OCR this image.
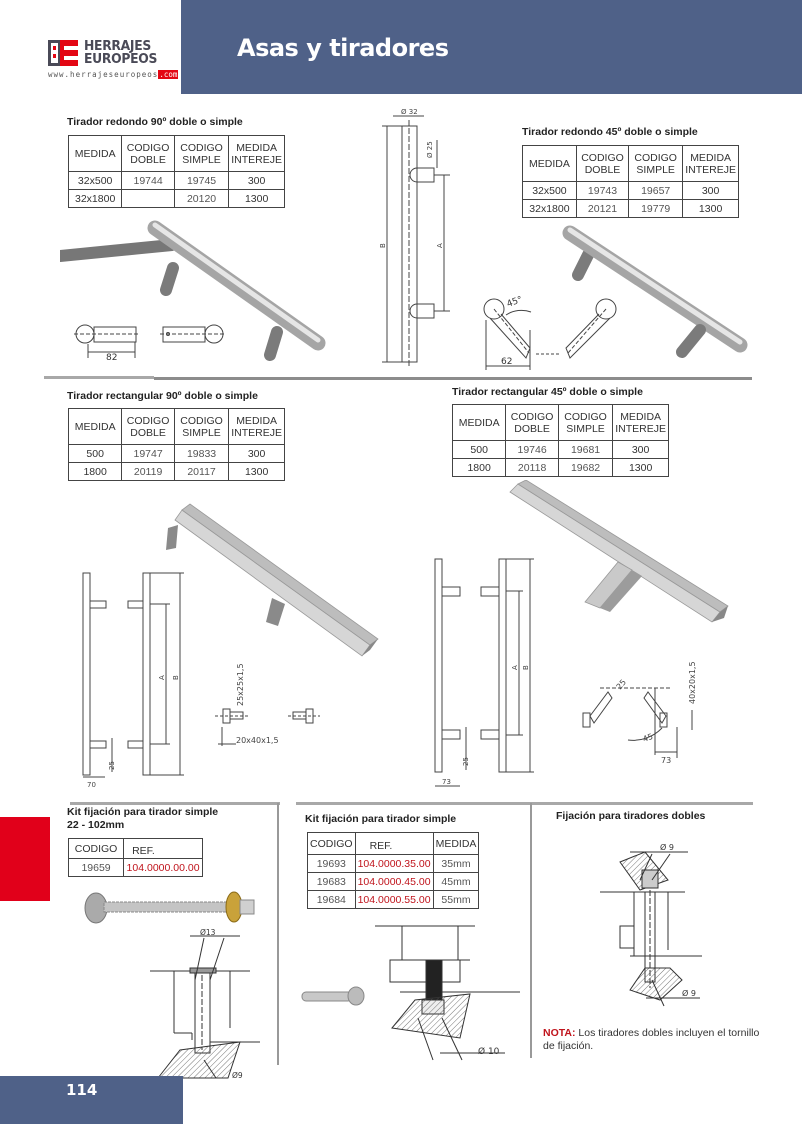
Asas y tiradores
HERRAJES
EUROPEOS
www.herrajeseuropeos.com
Tirador redondo 90º doble o simple
MEDIDA	CODIGO DOBLE	CODIGO SIMPLE	MEDIDA INTEREJE
32x500	19744	19745	300
32x1800		20120	1300
Tirador redondo 45º doble o simple
MEDIDA	CODIGO DOBLE	CODIGO SIMPLE	MEDIDA INTEREJE
32x500	19743	19657	300
32x1800	20121	19779	1300
82
Ø 32
Ø 25
B	A
45°
62
Tirador rectangular 90º doble o simple
MEDIDA	CODIGO DOBLE	CODIGO SIMPLE	MEDIDA INTEREJE
500	19747	19833	300
1800	20119	20117	1300
Tirador rectangular 45º doble o simple
MEDIDA	CODIGO DOBLE	CODIGO SIMPLE	MEDIDA INTEREJE
500	19746	19681	300
1800	20118	19682	1300
A B
25
70
25x25x1,5
20x40x1,5
A B
25
73
40x20x1,5
25
45
73
Kit fijación para tirador simple
22 - 102mm
CODIGO	REF.
19659	104.0000.00.00
Ø13
Ø9
Kit fijación para tirador simple
CODIGO	REF.	MEDIDA
19693	104.0000.35.00	35mm
19683	104.0000.45.00	45mm
19684	104.0000.55.00	55mm
Ø 10
Fijación para tiradores dobles
Ø 9
Ø 9
NOTA: Los tiradores dobles incluyen el tornillo de fijación.
114
